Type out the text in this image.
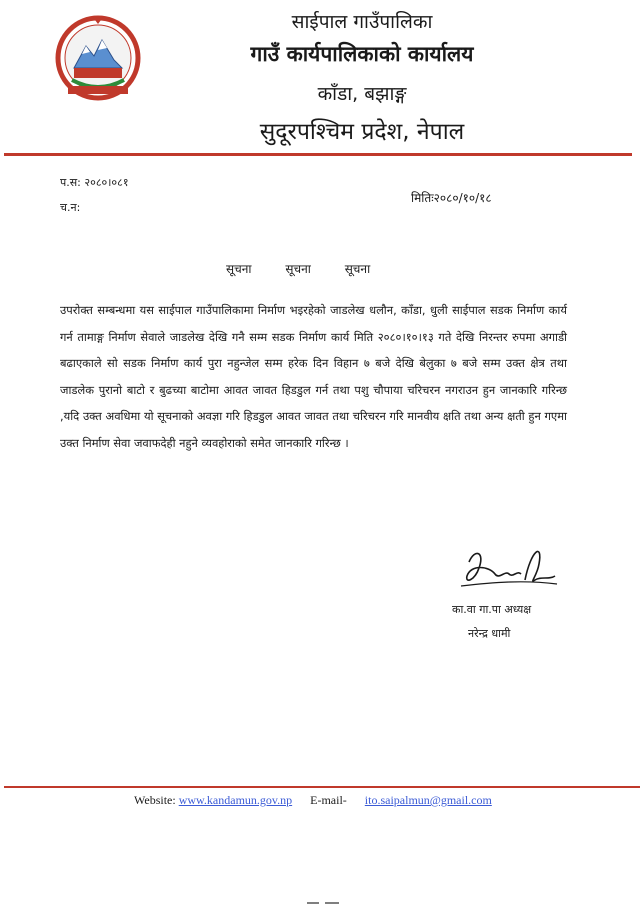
साईपाल गाउँपालिका
गाउँ कार्यपालिकाको कार्यालय
काँडा, बझाङ्ग
सुदूरपश्चिम प्रदेश, नेपाल
प.स: २०८०।०८१
च.न:
मितिः२०८०/१०/१८
सूचना	सूचना	सूचना
उपरोक्त सम्बन्धमा यस साईपाल गाउँपालिकामा निर्माण भइरहेको जाडलेख धलौन, काँडा, धुली साईपाल सडक निर्माण कार्य गर्न तामाङ्ग निर्माण सेवाले जाडलेख देखि गनै सम्म सडक निर्माण कार्य मिति २०८०।१०।१३ गते देखि निरन्तर रुपमा अगाडी बढाएकाले सो सडक निर्माण कार्य पुरा नहुन्जेल सम्म हरेक दिन विहान ७ बजे देखि बेलुका ७ बजे सम्म उक्त क्षेत्र तथा जाडलेक पुरानो बाटो र बुढच्या बाटोमा आवत जावत हिडडुल गर्न तथा पशु चौपाया चरिचरन नगराउन हुन जानकारि गरिन्छ ,यदि उक्त अवधिमा यो सूचनाको अवज्ञा गरि हिडडुल आवत जावत तथा चरिचरन गरि मानवीय क्षति तथा अन्य क्षती हुन गएमा उक्त निर्माण सेवा जवाफदेही नहुने व्यवहोराको समेत जानकारि गरिन्छ ।
का.वा गा.पा अध्यक्ष
नरेन्द्र धामी
Website: www.kandamun.gov.np E-mail- ito.saipalmun@gmail.com
